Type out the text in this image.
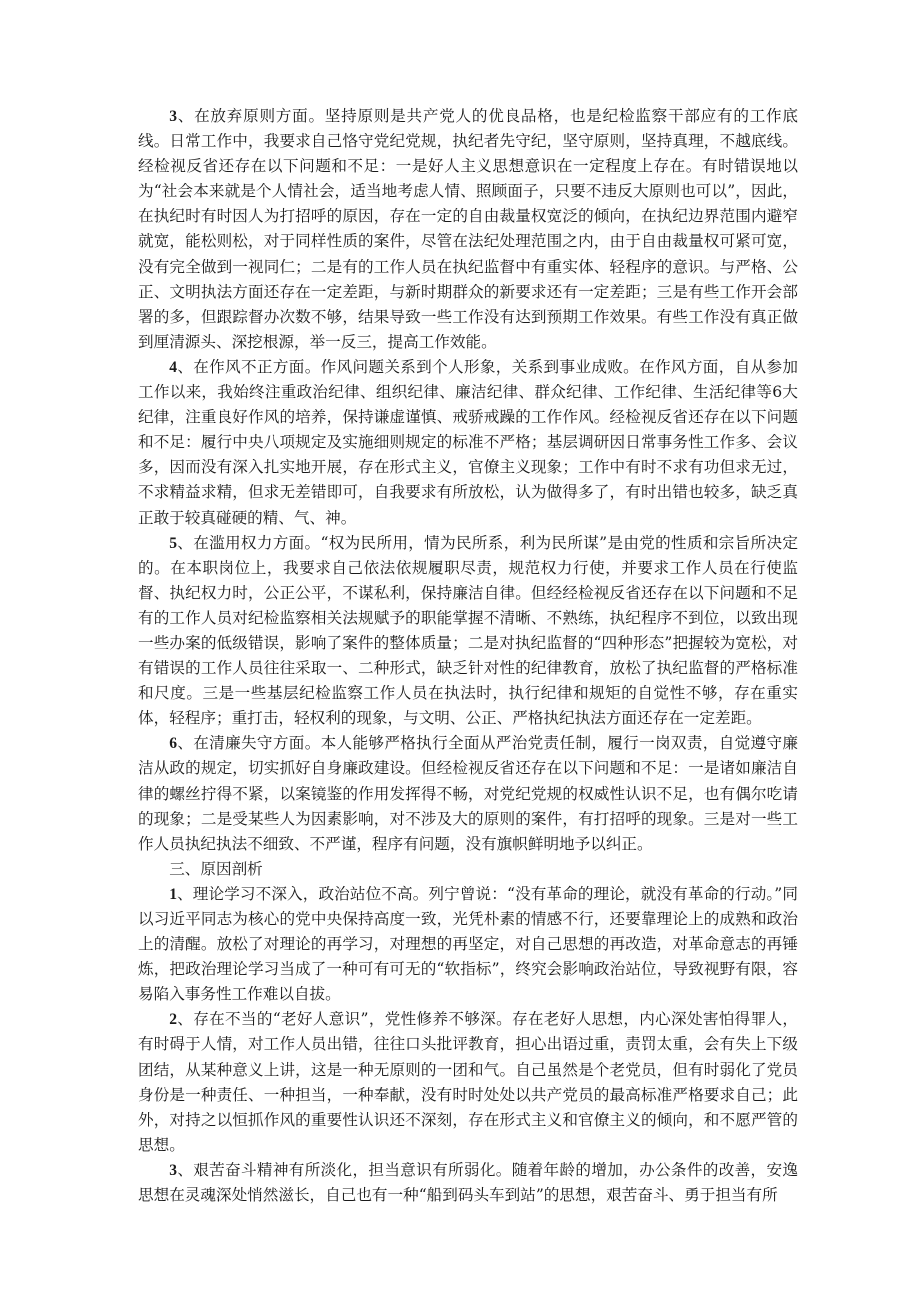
3、在放弃原则方面。坚持原则是共产党人的优良品格，也是纪检监察干部应有的工作底线。日常工作中，我要求自己恪守党纪党规，执纪者先守纪，坚守原则，坚持真理，不越底线。经检视反省还存在以下问题和不足：一是好人主义思想意识在一定程度上存在。有时错误地以为“社会本来就是个人情社会，适当地考虑人情、照顾面子，只要不违反大原则也可以”，因此，在执纪时有时因人为打招呼的原因，存在一定的自由裁量权宽泛的倾向，在执纪边界范围内避窄就宽，能松则松，对于同样性质的案件，尽管在法纪处理范围之内，由于自由裁量权可紧可宽，没有完全做到一视同仁；二是有的工作人员在执纪监督中有重实体、轻程序的意识。与严格、公正、文明执法方面还存在一定差距，与新时期群众的新要求还有一定差距；三是有些工作开会部署的多，但跟踪督办次数不够，结果导致一些工作没有达到预期工作效果。有些工作没有真正做到厘清源头、深挖根源，举一反三，提高工作效能。

4、在作风不正方面。作风问题关系到个人形象，关系到事业成败。在作风方面，自从参加工作以来，我始终注重政治纪律、组织纪律、廉洁纪律、群众纪律、工作纪律、生活纪律等6大纪律，注重良好作风的培养，保持谦虚谨慎、戒骄戒躁的工作作风。经检视反省还存在以下问题和不足：履行中央八项规定及实施细则规定的标准不严格；基层调研因日常事务性工作多、会议多，因而没有深入扎实地开展，存在形式主义，官僚主义现象；工作中有时不求有功但求无过，不求精益求精，但求无差错即可，自我要求有所放松，认为做得多了，有时出错也较多，缺乏真正敢于较真碰硬的精、气、神。

5、在滥用权力方面。“权为民所用，情为民所系，利为民所谋”是由党的性质和宗旨所决定的。在本职岗位上，我要求自己依法依规履职尽责，规范权力行使，并要求工作人员在行使监督、执纪权力时，公正公平，不谋私利，保持廉洁自律。但经经检视反省还存在以下问题和不足有的工作人员对纪检监察相关法规赋予的职能掌握不清晰、不熟练，执纪程序不到位，以致出现一些办案的低级错误，影响了案件的整体质量；二是对执纪监督的“四种形态”把握较为宽松，对有错误的工作人员往往采取一、二种形式，缺乏针对性的纪律教育，放松了执纪监督的严格标准和尺度。三是一些基层纪检监察工作人员在执法时，执行纪律和规矩的自觉性不够，存在重实体，轻程序；重打击，轻权利的现象，与文明、公正、严格执纪执法方面还存在一定差距。

6、在清廉失守方面。本人能够严格执行全面从严治党责任制，履行一岗双责，自觉遵守廉洁从政的规定，切实抓好自身廉政建设。但经检视反省还存在以下问题和不足：一是诸如廉洁自律的螺丝拧得不紧，以案镜鉴的作用发挥得不畅，对党纪党规的权威性认识不足，也有偶尔吃请的现象；二是受某些人为因素影响，对不涉及大的原则的案件，有打招呼的现象。三是对一些工作人员执纪执法不细致、不严谨，程序有问题，没有旗帜鲜明地予以纠正。

三、原因剖析

1、理论学习不深入，政治站位不高。列宁曾说：“没有革命的理论，就没有革命的行动。”同以习近平同志为核心的党中央保持高度一致，光凭朴素的情感不行，还要靠理论上的成熟和政治上的清醒。放松了对理论的再学习，对理想的再坚定，对自己思想的再改造，对革命意志的再锤炼，把政治理论学习当成了一种可有可无的“软指标”，终究会影响政治站位，导致视野有限，容易陷入事务性工作难以自拔。

2、存在不当的“老好人意识”，党性修养不够深。存在老好人思想，内心深处害怕得罪人，有时碍于人情，对工作人员出错，往往口头批评教育，担心出语过重，责罚太重，会有失上下级团结，从某种意义上讲，这是一种无原则的一团和气。自己虽然是个老党员，但有时弱化了党员身份是一种责任、一种担当，一种奉献，没有时时处处以共产党员的最高标准严格要求自己；此外，对持之以恒抓作风的重要性认识还不深刻，存在形式主义和官僚主义的倾向，和不愿严管的思想。

3、艰苦奋斗精神有所淡化，担当意识有所弱化。随着年龄的增加，办公条件的改善，安逸思想在灵魂深处悄然滋长，自己也有一种“船到码头车到站”的思想，艰苦奋斗、勇于担当有所
